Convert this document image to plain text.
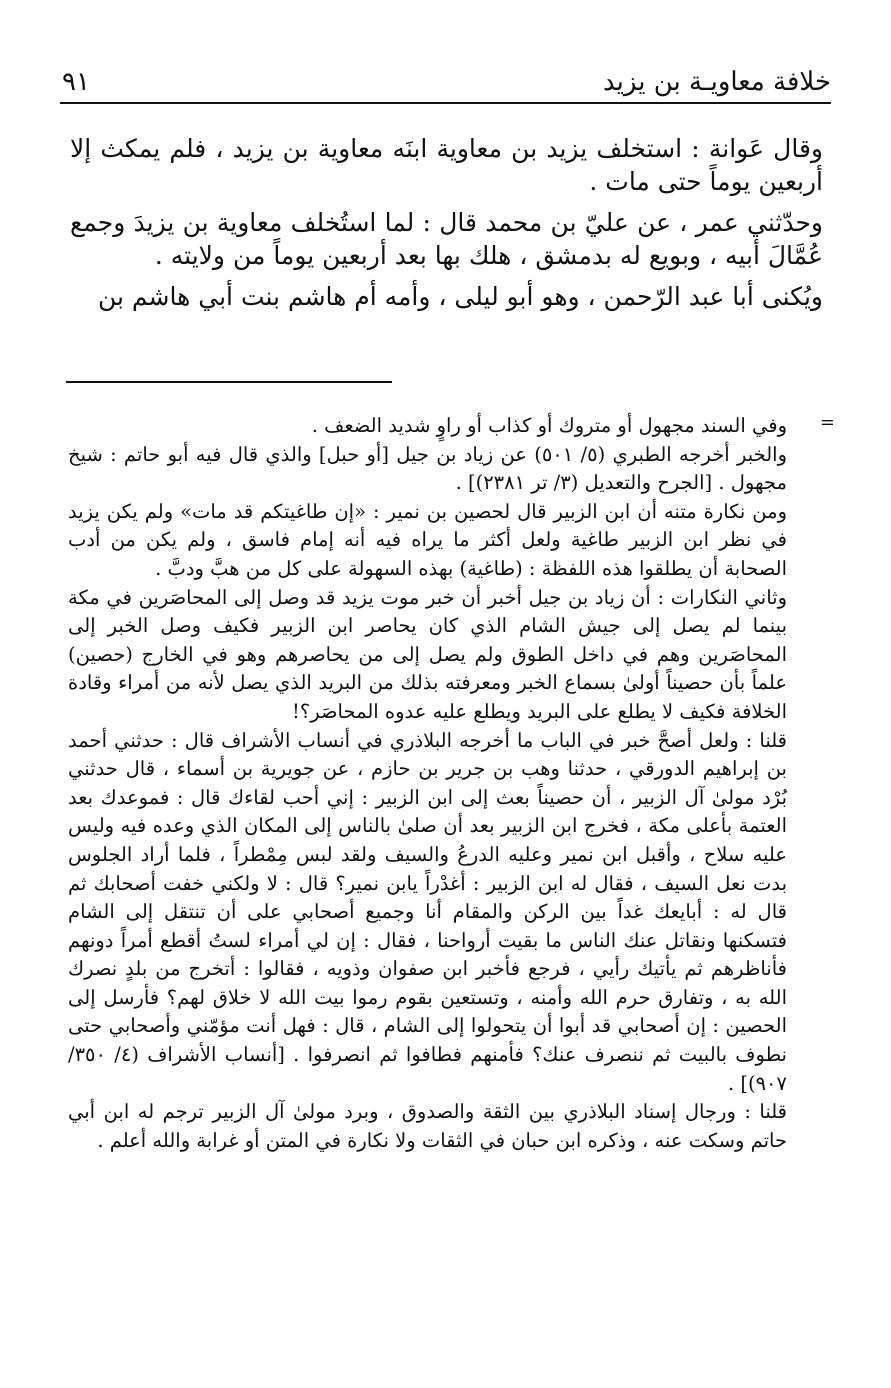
خلافة معاويـة بن يزيد
٩١

وقال عَوانة : استخلف يزيد بن معاوية ابنَه معاوية بن يزيد ، فلم يمكث إلا أربعين يوماً حتى مات .

وحدّثني عمر ، عن عليّ بن محمد قال : لما استُخلف معاوية بن يزيدَ وجمع عُمَّالَ أبيه ، وبويع له بدمشق ، هلك بها بعد أربعين يوماً من ولايته .

ويُكنى أبا عبد الرّحمن ، وهو أبو ليلى ، وأمه أم هاشم بنت أبي هاشم بن

=

وفي السند مجهول أو متروك أو كذاب أو راوٍ شديد الضعف .

والخبر أخرجه الطبري (٥/ ٥٠١) عن زياد بن جيل [أو حبل] والذي قال فيه أبو حاتم : شيخ مجهول . [الجرح والتعديل (٣/ تر ٢٣٨١)] .

ومن نكارة متنه أن ابن الزبير قال لحصين بن نمير : «إن طاغيتكم قد مات» ولم يكن يزيد في نظر ابن الزبير طاغية ولعل أكثر ما يراه فيه أنه إمام فاسق ، ولم يكن من أدب الصحابة أن يطلقوا هذه اللفظة : (طاغية) بهذه السهولة على كل من هبَّ ودبَّ .

وثاني النكارات : أن زياد بن جيل أخبر أن خبر موت يزيد قد وصل إلى المحاصَرين في مكة بينما لم يصل إلى جيش الشام الذي كان يحاصر ابن الزبير فكيف وصل الخبر إلى المحاصَرين وهم في داخل الطوق ولم يصل إلى من يحاصرهم وهو في الخارج (حصين) علماً بأن حصيناً أولىٰ بسماع الخبر ومعرفته بذلك من البريد الذي يصل لأنه من أمراء وقادة الخلافة فكيف لا يطلع على البريد ويطلع عليه عدوه المحاصَر؟!

قلنا : ولعل أصحَّ خبر في الباب ما أخرجه البلاذري في أنساب الأشراف قال : حدثني أحمد بن إبراهيم الدورقي ، حدثنا وهب بن جرير بن حازم ، عن جويرية بن أسماء ، قال حدثني بُرْد مولىٰ آل الزبير ، أن حصيناً بعث إلى ابن الزبير : إني أحب لقاءك قال : فموعدك بعد العتمة بأعلى مكة ، فخرج ابن الزبير بعد أن صلىٰ بالناس إلى المكان الذي وعده فيه وليس عليه سلاح ، وأقبل ابن نمير وعليه الدرعُ والسيف ولقد لبس مِمْطراً ، فلما أراد الجلوس بدت نعل السيف ، فقال له ابن الزبير : أغدْراً يابن نمير؟ قال : لا ولكني خفت أصحابك ثم قال له : أبايعك غداً بين الركن والمقام أنا وجميع أصحابي على أن تنتقل إلى الشام فتسكنها ونقاتل عنك الناس ما بقيت أرواحنا ، فقال : إن لي أمراء لستُ أقطع أمراً دونهم فأناظرهم ثم يأتيك رأيي ، فرجع فأخبر ابن صفوان وذويه ، فقالوا : أتخرج من بلدٍ نصرك الله به ، وتفارق حرم الله وأمنه ، وتستعين بقوم رموا بيت الله لا خلاق لهم؟ فأرسل إلى الحصين : إن أصحابي قد أبوا أن يتحولوا إلى الشام ، قال : فهل أنت مؤمّني وأصحابي حتى نطوف بالبيت ثم ننصرف عنك؟ فأمنهم فطافوا ثم انصرفوا . [أنساب الأشراف (٤/ ٣٥٠/ ٩٠٧)] .

قلنا : ورجال إسناد البلاذري بين الثقة والصدوق ، وبرد مولىٰ آل الزبير ترجم له ابن أبي حاتم وسكت عنه ، وذكره ابن حبان في الثقات ولا نكارة في المتن أو غرابة والله أعلم .
